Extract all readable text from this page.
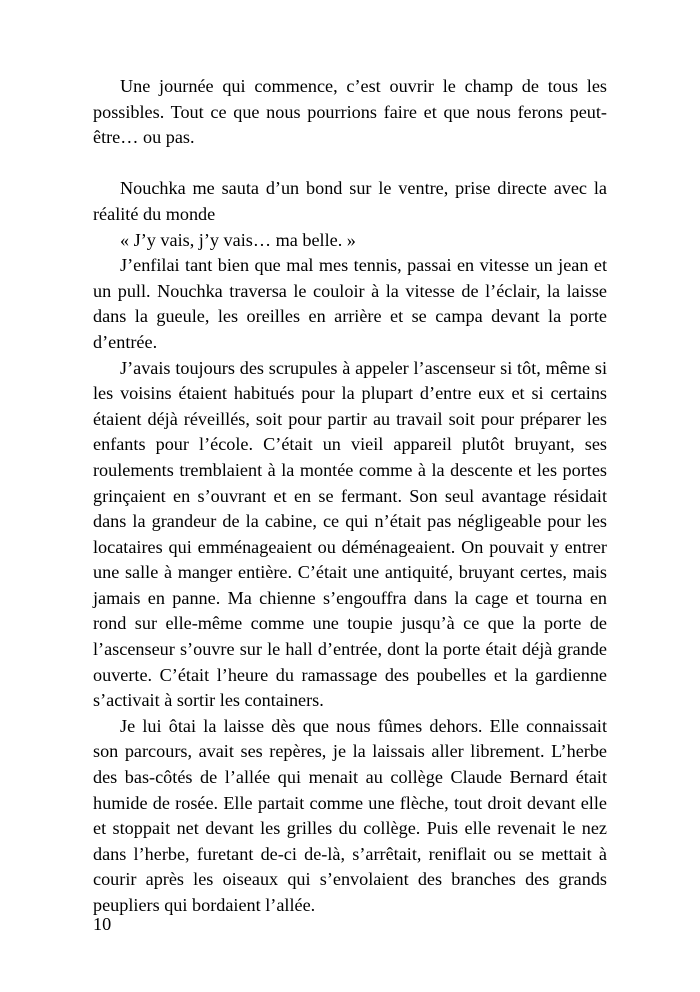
Une journée qui commence, c’est ouvrir le champ de tous les possibles. Tout ce que nous pourrions faire et que nous ferons peut-être… ou pas.

Nouchka me sauta d’un bond sur le ventre, prise directe avec la réalité du monde

« J’y vais, j’y vais… ma belle. »

J’enfilai tant bien que mal mes tennis, passai en vitesse un jean et un pull. Nouchka traversa le couloir à la vitesse de l’éclair, la laisse dans la gueule, les oreilles en arrière et se campa devant la porte d’entrée.

J’avais toujours des scrupules à appeler l’ascenseur si tôt, même si les voisins étaient habitués pour la plupart d’entre eux et si certains étaient déjà réveillés, soit pour partir au travail soit pour préparer les enfants pour l’école. C’était un vieil appareil plutôt bruyant, ses roulements tremblaient à la montée comme à la descente et les portes grinçaient en s’ouvrant et en se fermant. Son seul avantage résidait dans la grandeur de la cabine, ce qui n’était pas négligeable pour les locataires qui emménageaient ou déménageaient. On pouvait y entrer une salle à manger entière. C’était une antiquité, bruyant certes, mais jamais en panne. Ma chienne s’engouffra dans la cage et tourna en rond sur elle-même comme une toupie jusqu’à ce que la porte de l’ascenseur s’ouvre sur le hall d’entrée, dont la porte était déjà grande ouverte. C’était l’heure du ramassage des poubelles et la gardienne s’activait à sortir les containers.

Je lui ôtai la laisse dès que nous fûmes dehors. Elle connaissait son parcours, avait ses repères, je la laissais aller librement. L’herbe des bas-côtés de l’allée qui menait au collège Claude Bernard était humide de rosée. Elle partait comme une flèche, tout droit devant elle et stoppait net devant les grilles du collège. Puis elle revenait le nez dans l’herbe, furetant de-ci de-là, s’arrêtait, reniflait ou se mettait à courir après les oiseaux qui s’envolaient des branches des grands peupliers qui bordaient l’allée.

10
